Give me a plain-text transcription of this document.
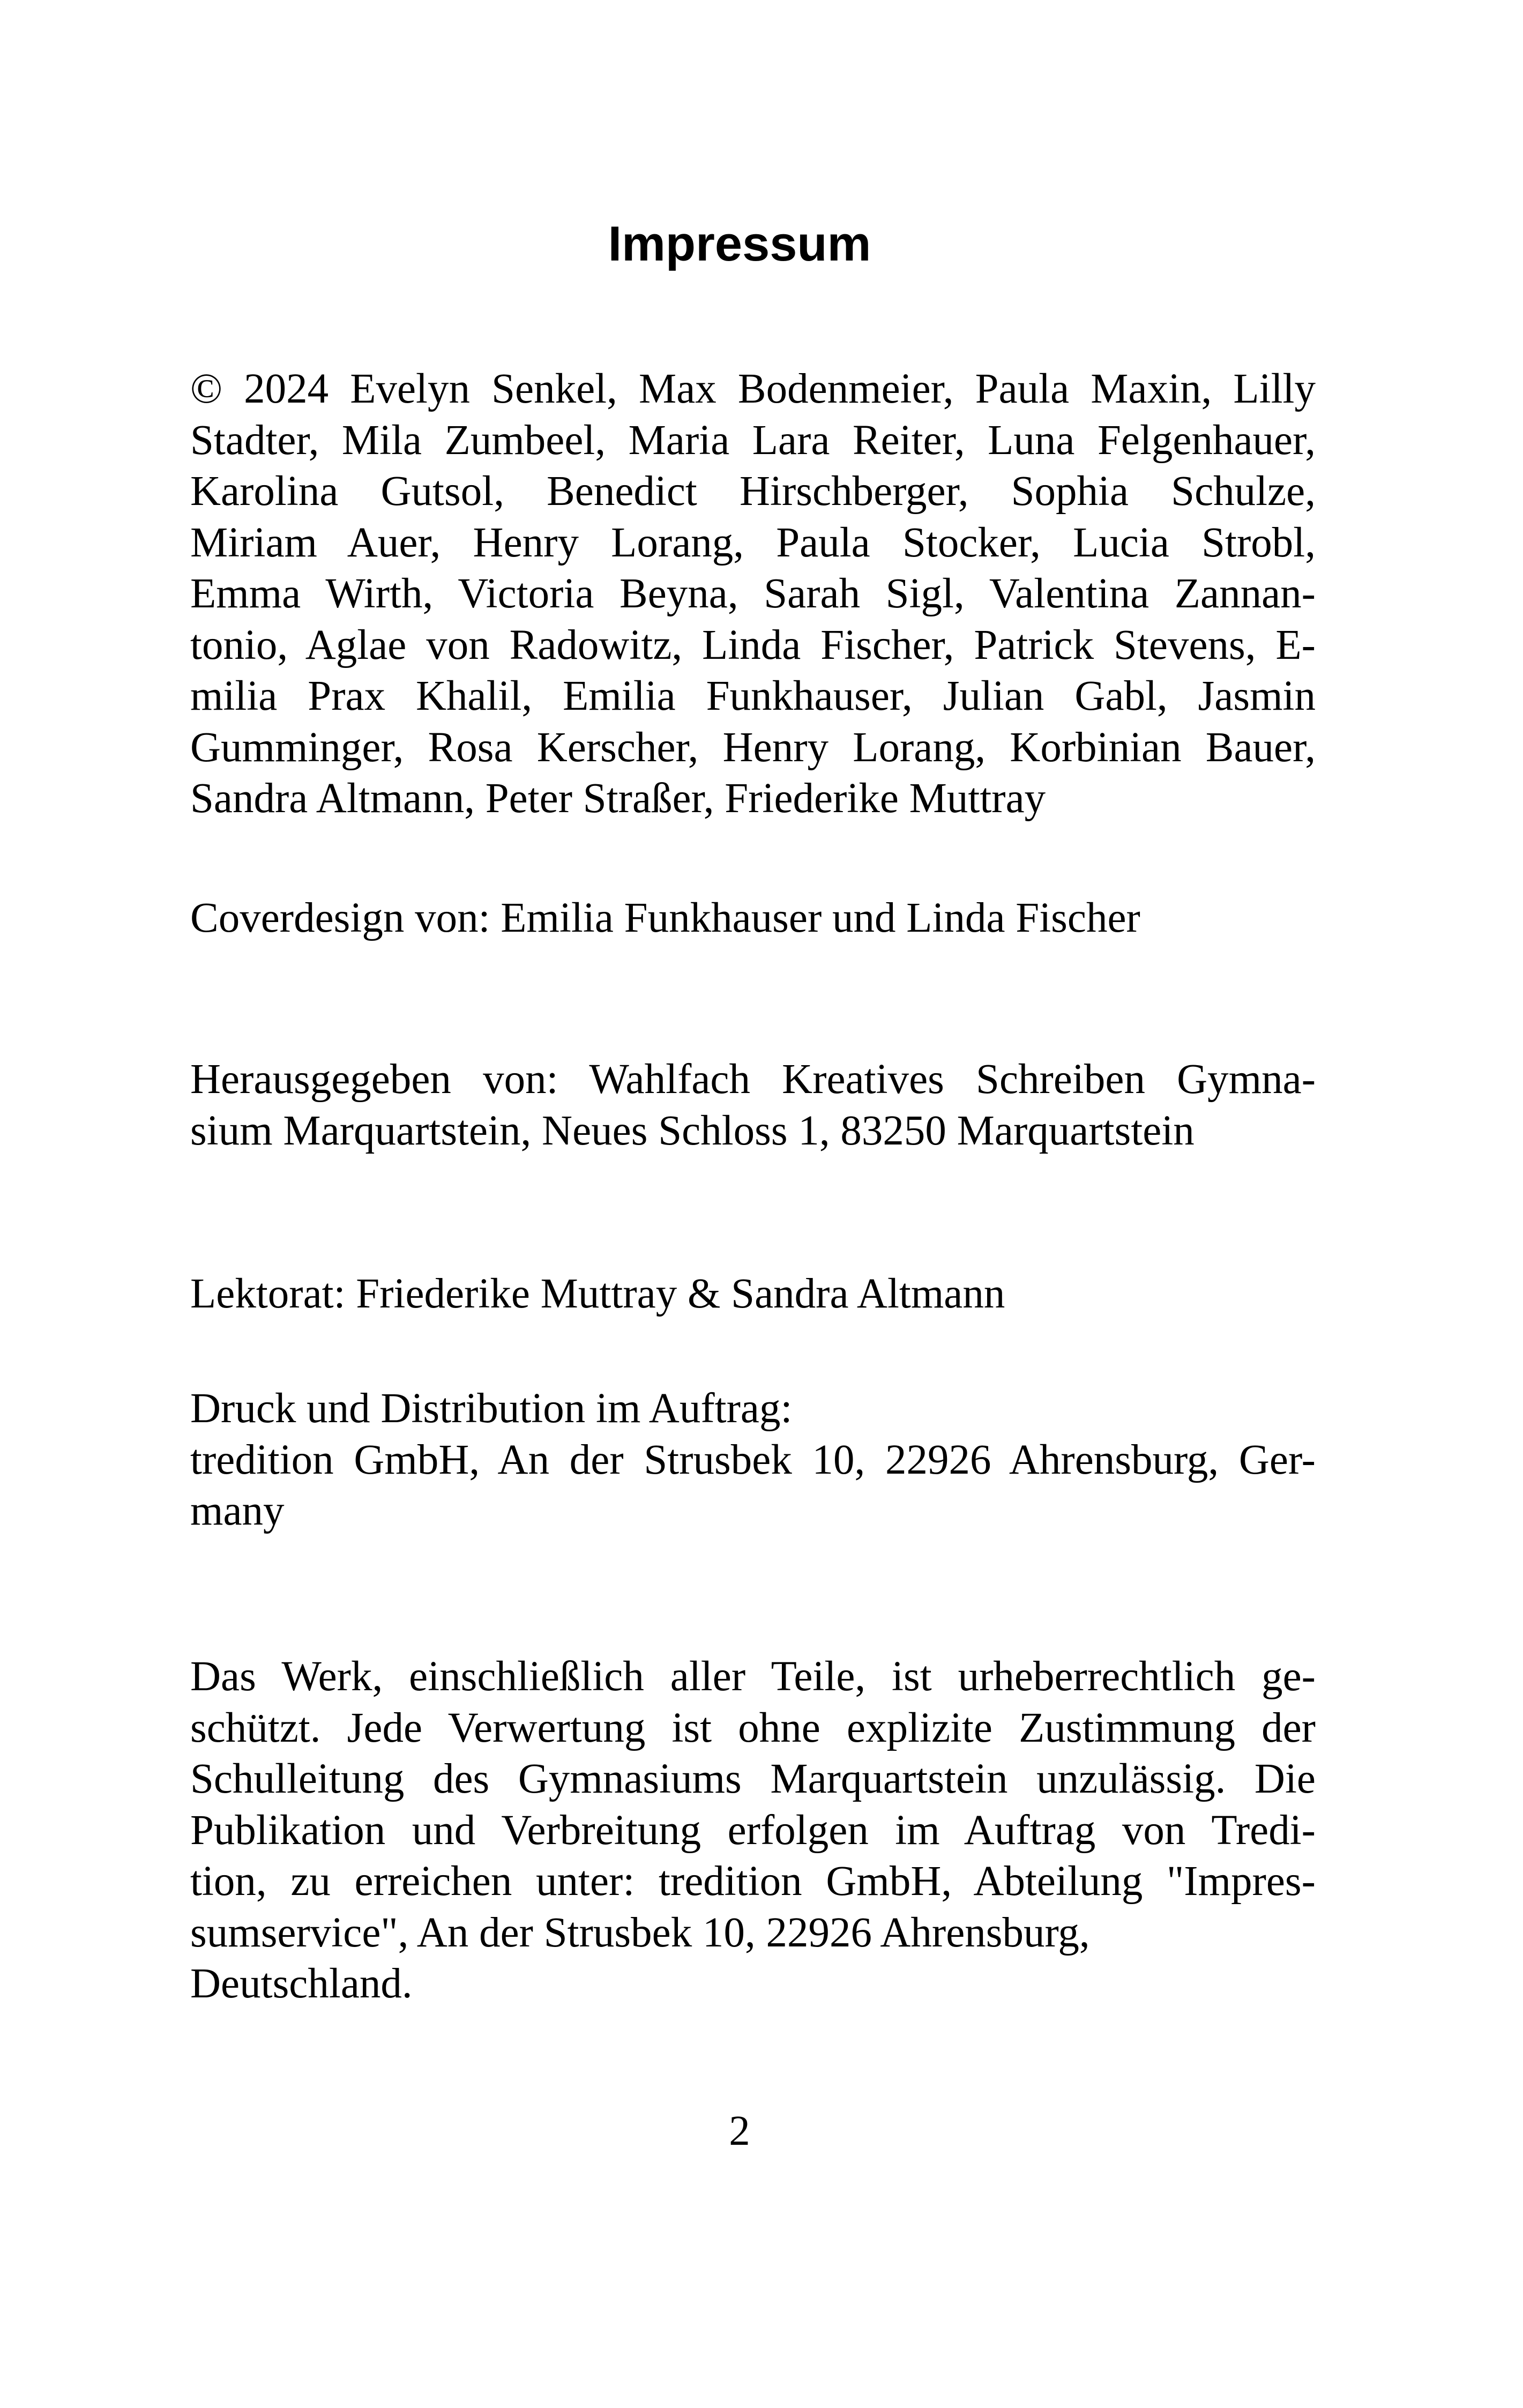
Impressum

© 2024 Evelyn Senkel, Max Bodenmeier, Paula Maxin, Lilly
Stadter, Mila Zumbeel, Maria Lara Reiter, Luna Felgenhauer,
Karolina Gutsol, Benedict Hirschberger, Sophia Schulze,
Miriam Auer, Henry Lorang, Paula Stocker, Lucia Strobl,
Emma Wirth, Victoria Beyna, Sarah Sigl, Valentina Zannan-
tonio, Aglae von Radowitz, Linda Fischer, Patrick Stevens, E-
milia Prax Khalil, Emilia Funkhauser, Julian Gabl, Jasmin
Gumminger, Rosa Kerscher, Henry Lorang, Korbinian Bauer,
Sandra Altmann, Peter Straßer, Friederike Muttray

Coverdesign von: Emilia Funkhauser und Linda Fischer

Herausgegeben von: Wahlfach Kreatives Schreiben Gymna-
sium Marquartstein, Neues Schloss 1, 83250 Marquartstein

Lektorat: Friederike Muttray & Sandra Altmann

Druck und Distribution im Auftrag:
tredition GmbH, An der Strusbek 10, 22926 Ahrensburg, Ger-
many

Das Werk, einschließlich aller Teile, ist urheberrechtlich ge-
schützt. Jede Verwertung ist ohne explizite Zustimmung der
Schulleitung des Gymnasiums Marquartstein unzulässig. Die
Publikation und Verbreitung erfolgen im Auftrag von Tredi-
tion, zu erreichen unter: tredition GmbH, Abteilung "Impres-
sumservice", An der Strusbek 10, 22926 Ahrensburg,
Deutschland.

2
